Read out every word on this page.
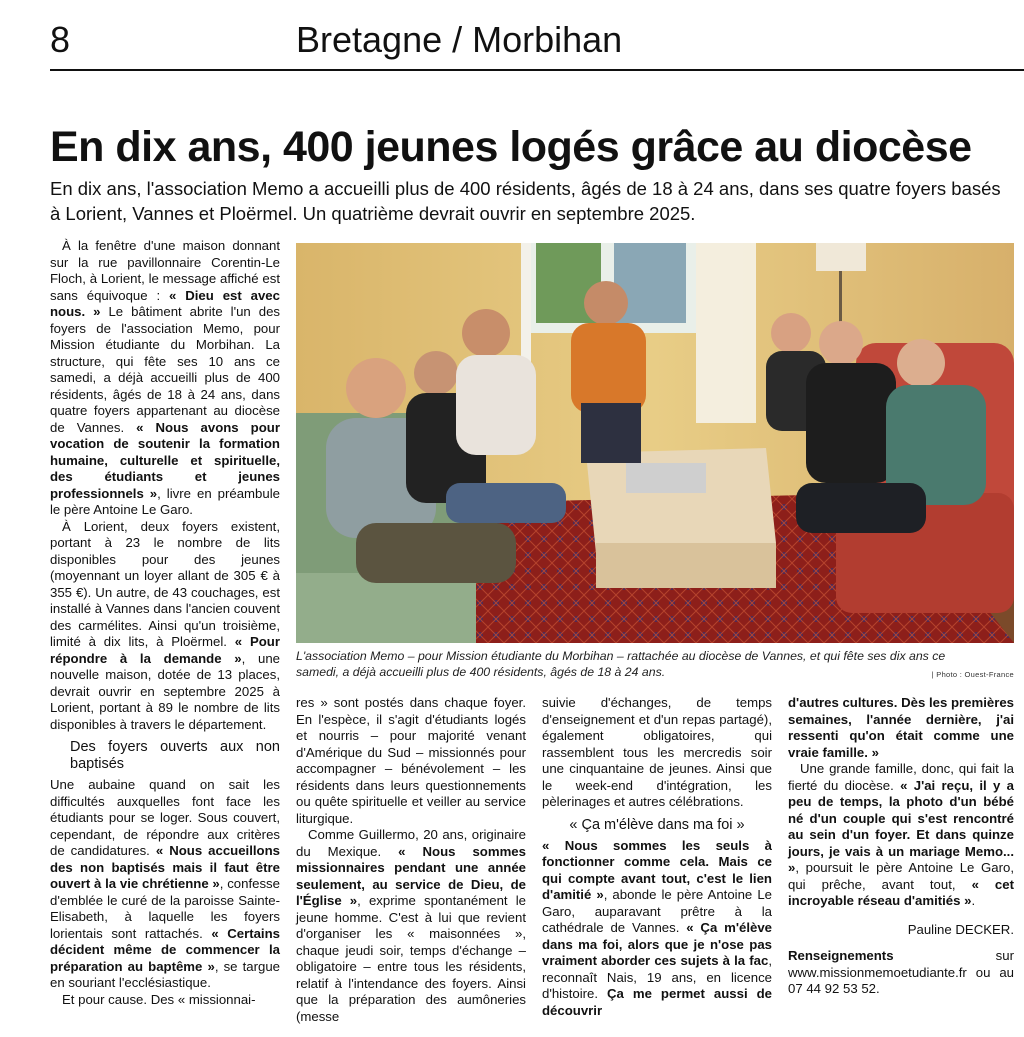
8	Bretagne / Morbihan
En dix ans, 400 jeunes logés grâce au diocèse
En dix ans, l'association Memo a accueilli plus de 400 résidents, âgés de 18 à 24 ans, dans ses quatre foyers basés à Lorient, Vannes et Ploërmel. Un quatrième devrait ouvrir en septembre 2025.

À la fenêtre d'une maison donnant sur la rue pavillonnaire Corentin-Le Floch, à Lorient, le message affiché est sans équivoque : « Dieu est avec nous. » Le bâtiment abrite l'un des foyers de l'association Memo, pour Mission étudiante du Morbihan. La structure, qui fête ses 10 ans ce samedi, a déjà accueilli plus de 400 résidents, âgés de 18 à 24 ans, dans quatre foyers appartenant au diocèse de Vannes. « Nous avons pour vocation de soutenir la formation humaine, culturelle et spirituelle, des étudiants et jeunes professionnels », livre en préambule le père Antoine Le Garo.

À Lorient, deux foyers existent, portant à 23 le nombre de lits disponibles pour des jeunes (moyennant un loyer allant de 305 € à 355 €). Un autre, de 43 couchages, est installé à Vannes dans l'ancien couvent des carmélites. Ainsi qu'un troisième, limité à dix lits, à Ploërmel. « Pour répondre à la demande », une nouvelle maison, dotée de 13 places, devrait ouvrir en septembre 2025 à Lorient, portant à 89 le nombre de lits disponibles à travers le département.

Des foyers ouverts aux non baptisés

Une aubaine quand on sait les difficultés auxquelles font face les étudiants pour se loger. Sous couvert, cependant, de répondre aux critères de candidatures. « Nous accueillons des non baptisés mais il faut être ouvert à la vie chrétienne », confesse d'emblée le curé de la paroisse Sainte-Elisabeth, à laquelle les foyers lorientais sont rattachés. « Certains décident même de commencer la préparation au baptême », se targue en souriant l'ecclésiastique.

Et pour cause. Des « missionnai-

| Photo : Ouest-France
L'association Memo – pour Mission étudiante du Morbihan – rattachée au diocèse de Vannes, et qui fête ses dix ans ce samedi, a déjà accueilli plus de 400 résidents, âgés de 18 à 24 ans.

res » sont postés dans chaque foyer. En l'espèce, il s'agit d'étudiants logés et nourris – pour majorité venant d'Amérique du Sud – missionnés pour accompagner – bénévolement – les résidents dans leurs questionnements ou quête spirituelle et veiller au service liturgique.

Comme Guillermo, 20 ans, originaire du Mexique. « Nous sommes missionnaires pendant une année seulement, au service de Dieu, de l'Église », exprime spontanément le jeune homme. C'est à lui que revient d'organiser les « maisonnées », chaque jeudi soir, temps d'échange – obligatoire – entre tous les résidents, relatif à l'intendance des foyers. Ainsi que la préparation des aumôneries (messe

suivie d'échanges, de temps d'enseignement et d'un repas partagé), également obligatoires, qui rassemblent tous les mercredis soir une cinquantaine de jeunes. Ainsi que le week-end d'intégration, les pèlerinages et autres célébrations.

« Ça m'élève dans ma foi »

« Nous sommes les seuls à fonctionner comme cela. Mais ce qui compte avant tout, c'est le lien d'amitié », abonde le père Antoine Le Garo, auparavant prêtre à la cathédrale de Vannes. « Ça m'élève dans ma foi, alors que je n'ose pas vraiment aborder ces sujets à la fac, reconnaît Nais, 19 ans, en licence d'histoire. Ça me permet aussi de découvrir

d'autres cultures. Dès les premières semaines, l'année dernière, j'ai ressenti qu'on était comme une vraie famille. »

Une grande famille, donc, qui fait la fierté du diocèse. « J'ai reçu, il y a peu de temps, la photo d'un bébé né d'un couple qui s'est rencontré au sein d'un foyer. Et dans quinze jours, je vais à un mariage Memo... », poursuit le père Antoine Le Garo, qui prêche, avant tout, « cet incroyable réseau d'amitiés ».

Pauline DECKER.

Renseignements sur www.missionmemoetudiante.fr ou au 07 44 92 53 52.
